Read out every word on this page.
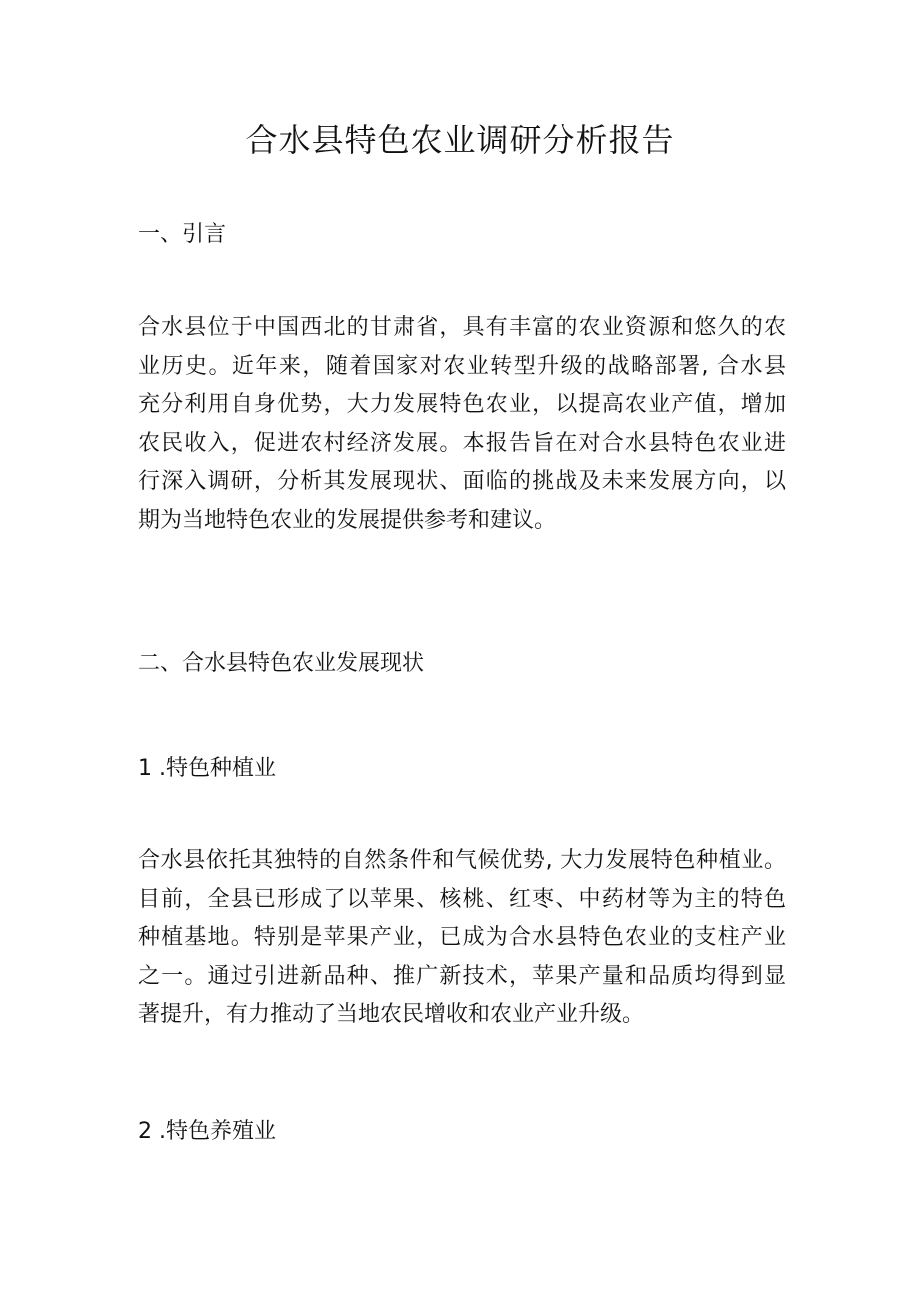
合水县特色农业调研分析报告
一、引言
合水县位于中国西北的甘肃省，具有丰富的农业资源和悠久的农
业历史。近年来，随着国家对农业转型升级的战略部署, 合水县
充分利用自身优势，大力发展特色农业，以提高农业产值，增加
农民收入，促进农村经济发展。本报告旨在对合水县特色农业进
行深入调研，分析其发展现状、面临的挑战及未来发展方向，以
期为当地特色农业的发展提供参考和建议。
二、合水县特色农业发展现状
1 .特色种植业
合水县依托其独特的自然条件和气候优势, 大力发展特色种植业。
目前，全县已形成了以苹果、核桃、红枣、中药材等为主的特色
种植基地。特别是苹果产业，已成为合水县特色农业的支柱产业
之一。通过引进新品种、推广新技术，苹果产量和品质均得到显
著提升，有力推动了当地农民增收和农业产业升级。
2 .特色养殖业
